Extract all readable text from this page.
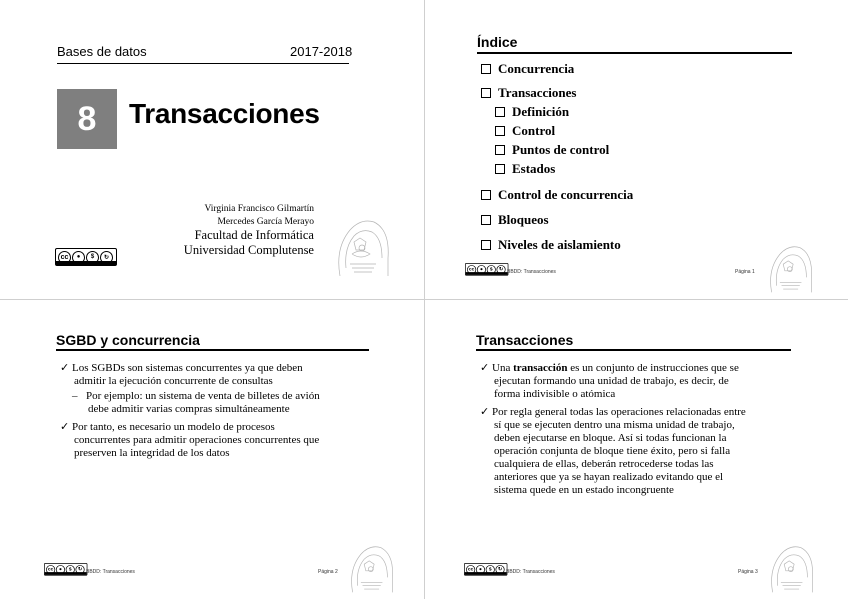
Bases de datos	2017-2018
8 Transacciones
Virginia Francisco Gilmartín
Mercedes García Merayo
Facultad de Informática
Universidad Complutense
cc	●	$	↻
Índice
Concurrencia
Transacciones
Definición
Control
Puntos de control
Estados
Control de concurrencia
Bloqueos
Niveles de aislamiento
cc ● $ ↻ BBDD: Transacciones	Página 1
SGBD y concurrencia
✓ Los SGBDs son sistemas concurrentes ya que deben
admitir la ejecución concurrente de consultas
– Por ejemplo: un sistema de venta de billetes de avión
debe admitir varias compras simultáneamente
✓ Por tanto, es necesario un modelo de procesos
concurrentes para admitir operaciones concurrentes que
preserven la integridad de los datos
cc ● $ ↻ BBDD: Transacciones	Página 2
Transacciones
✓ Una transacción es un conjunto de instrucciones que se
ejecutan formando una unidad de trabajo, es decir, de
forma indivisible o atómica
✓ Por regla general todas las operaciones relacionadas entre
sí que se ejecuten dentro una misma unidad de trabajo,
deben ejecutarse en bloque. Así si todas funcionan la
operación conjunta de bloque tiene éxito, pero si falla
cualquiera de ellas, deberán retrocederse todas las
anteriores que ya se hayan realizado evitando que el
sistema quede en un estado incongruente
cc ● $ ↻ BBDD: Transacciones	Página 3
